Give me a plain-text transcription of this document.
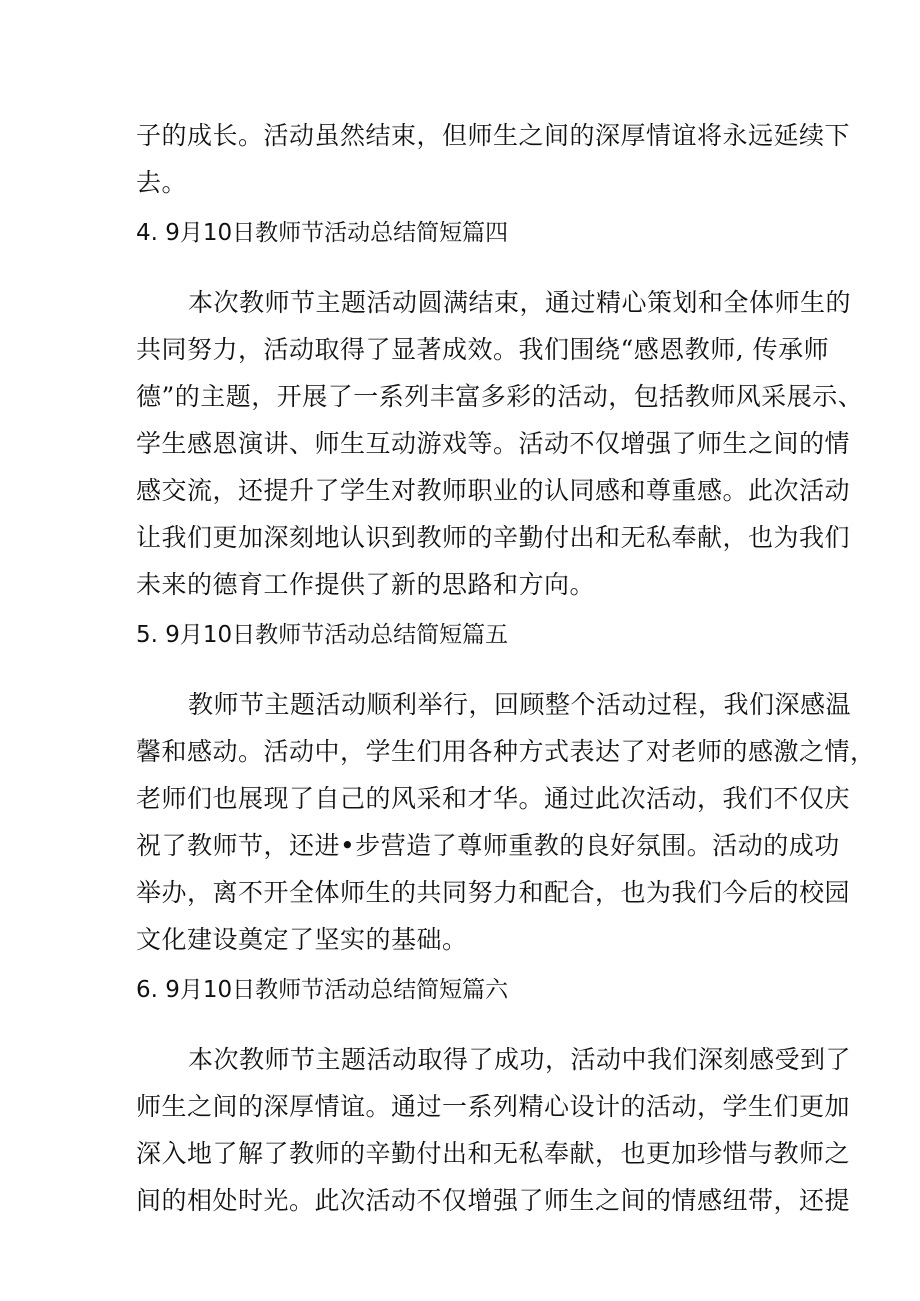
子的成长。活动虽然结束，但师生之间的深厚情谊将永远延续下
去。
4. 9月10日教师节活动总结简短篇四
本次教师节主题活动圆满结束，通过精心策划和全体师生的
共同努力，活动取得了显著成效。我们围绕“感恩教师, 传承师
德”的主题，开展了一系列丰富多彩的活动，包括教师风采展示、
学生感恩演讲、师生互动游戏等。活动不仅增强了师生之间的情
感交流，还提升了学生对教师职业的认同感和尊重感。此次活动
让我们更加深刻地认识到教师的辛勤付出和无私奉献，也为我们
未来的德育工作提供了新的思路和方向。
5. 9月10日教师节活动总结简短篇五
教师节主题活动顺利举行，回顾整个活动过程，我们深感温
馨和感动。活动中，学生们用各种方式表达了对老师的感激之情，
老师们也展现了自己的风采和才华。通过此次活动，我们不仅庆
祝了教师节，还进•步营造了尊师重教的良好氛围。活动的成功
举办，离不开全体师生的共同努力和配合，也为我们今后的校园
文化建设奠定了坚实的基础。
6. 9月10日教师节活动总结简短篇六
本次教师节主题活动取得了成功，活动中我们深刻感受到了
师生之间的深厚情谊。通过一系列精心设计的活动，学生们更加
深入地了解了教师的辛勤付出和无私奉献，也更加珍惜与教师之
间的相处时光。此次活动不仅增强了师生之间的情感纽带，还提
